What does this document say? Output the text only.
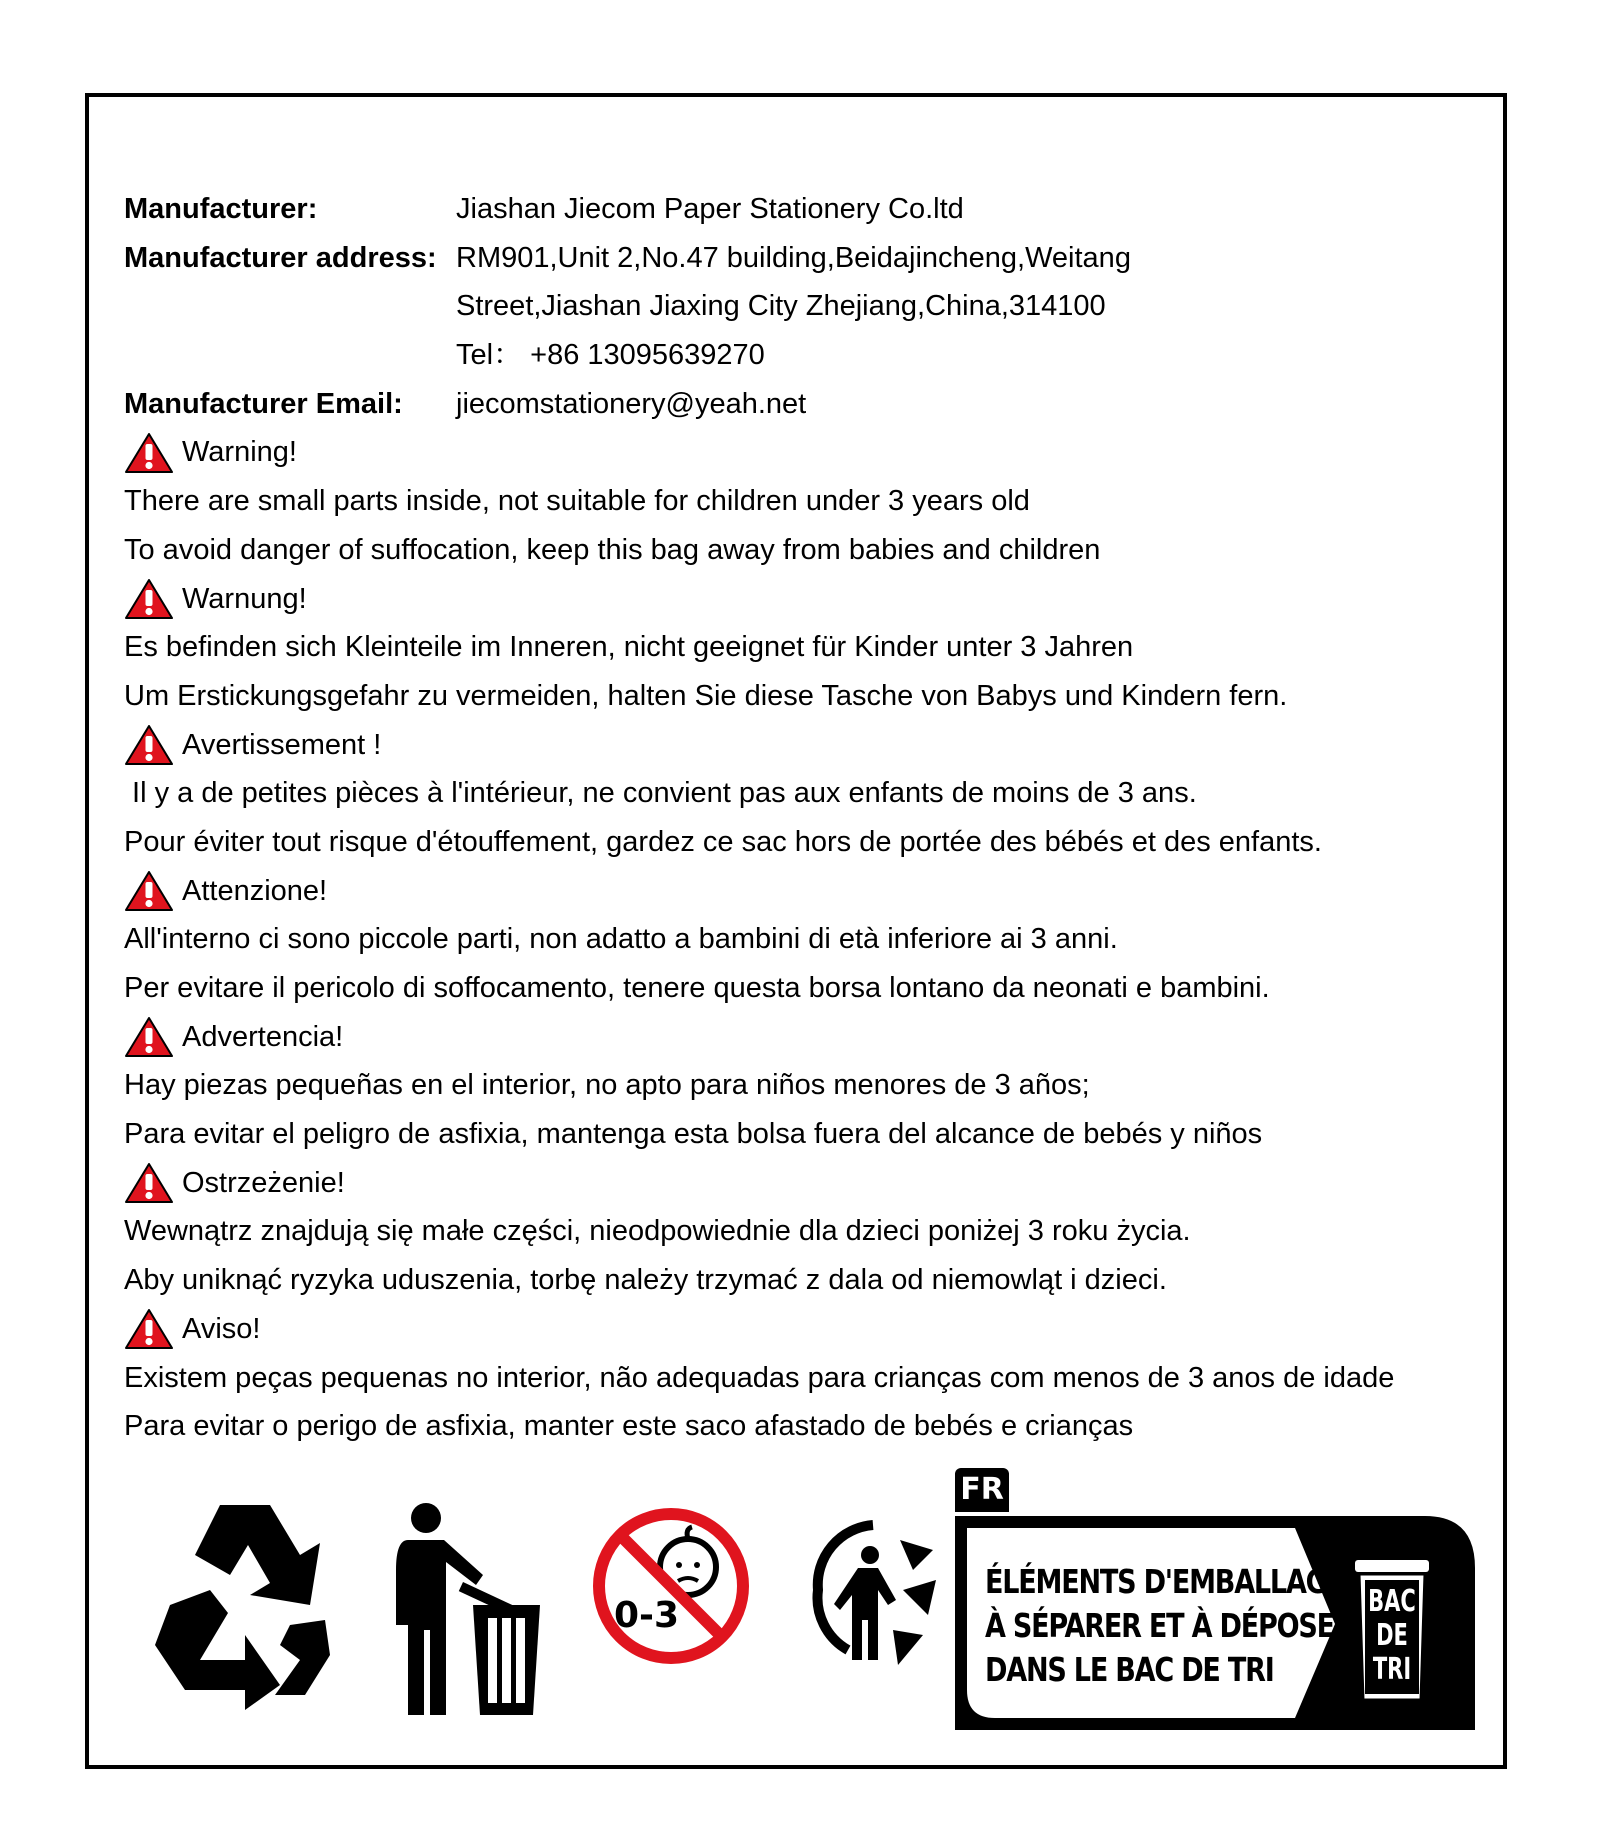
Manufacturer:	Jiashan Jiecom Paper Stationery Co.ltd
Manufacturer address: RM901,Unit 2,No.47 building,Beidajincheng,Weitang
Street,Jiashan Jiaxing City Zhejiang,China,314100
Tel： +86 13095639270
Manufacturer Email:	jiecomstationery@yeah.net
Warning!
There are small parts inside, not suitable for children under 3 years old
To avoid danger of suffocation, keep this bag away from babies and children
Warnung!
Es befinden sich Kleinteile im Inneren, nicht geeignet für Kinder unter 3 Jahren
Um Erstickungsgefahr zu vermeiden, halten Sie diese Tasche von Babys und Kindern fern.
Avertissement !
Il y a de petites pièces à l'intérieur, ne convient pas aux enfants de moins de 3 ans.
Pour éviter tout risque d'étouffement, gardez ce sac hors de portée des bébés et des enfants.
Attenzione!
All'interno ci sono piccole parti, non adatto a bambini di età inferiore ai 3 anni.
Per evitare il pericolo di soffocamento, tenere questa borsa lontano da neonati e bambini.
Advertencia!
Hay piezas pequeñas en el interior, no apto para niños menores de 3 años;
Para evitar el peligro de asfixia, mantenga esta bolsa fuera del alcance de bebés y niños
Ostrzeżenie!
Wewnątrz znajdują się małe części, nieodpowiednie dla dzieci poniżej 3 roku życia.
Aby uniknąć ryzyka uduszenia, torbę należy trzymać z dala od niemowląt i dzieci.
Aviso!
Existem peças pequenas no interior, não adequadas para crianças com menos de 3 anos de idade
Para evitar o perigo de asfixia, manter este saco afastado de bebés e crianças
0-3
FR
ÉLÉMENTS D'EMBALLAGE
À SÉPARER ET À DÉPOSER
DANS LE BAC DE TRI
BAC
DE
TRI
